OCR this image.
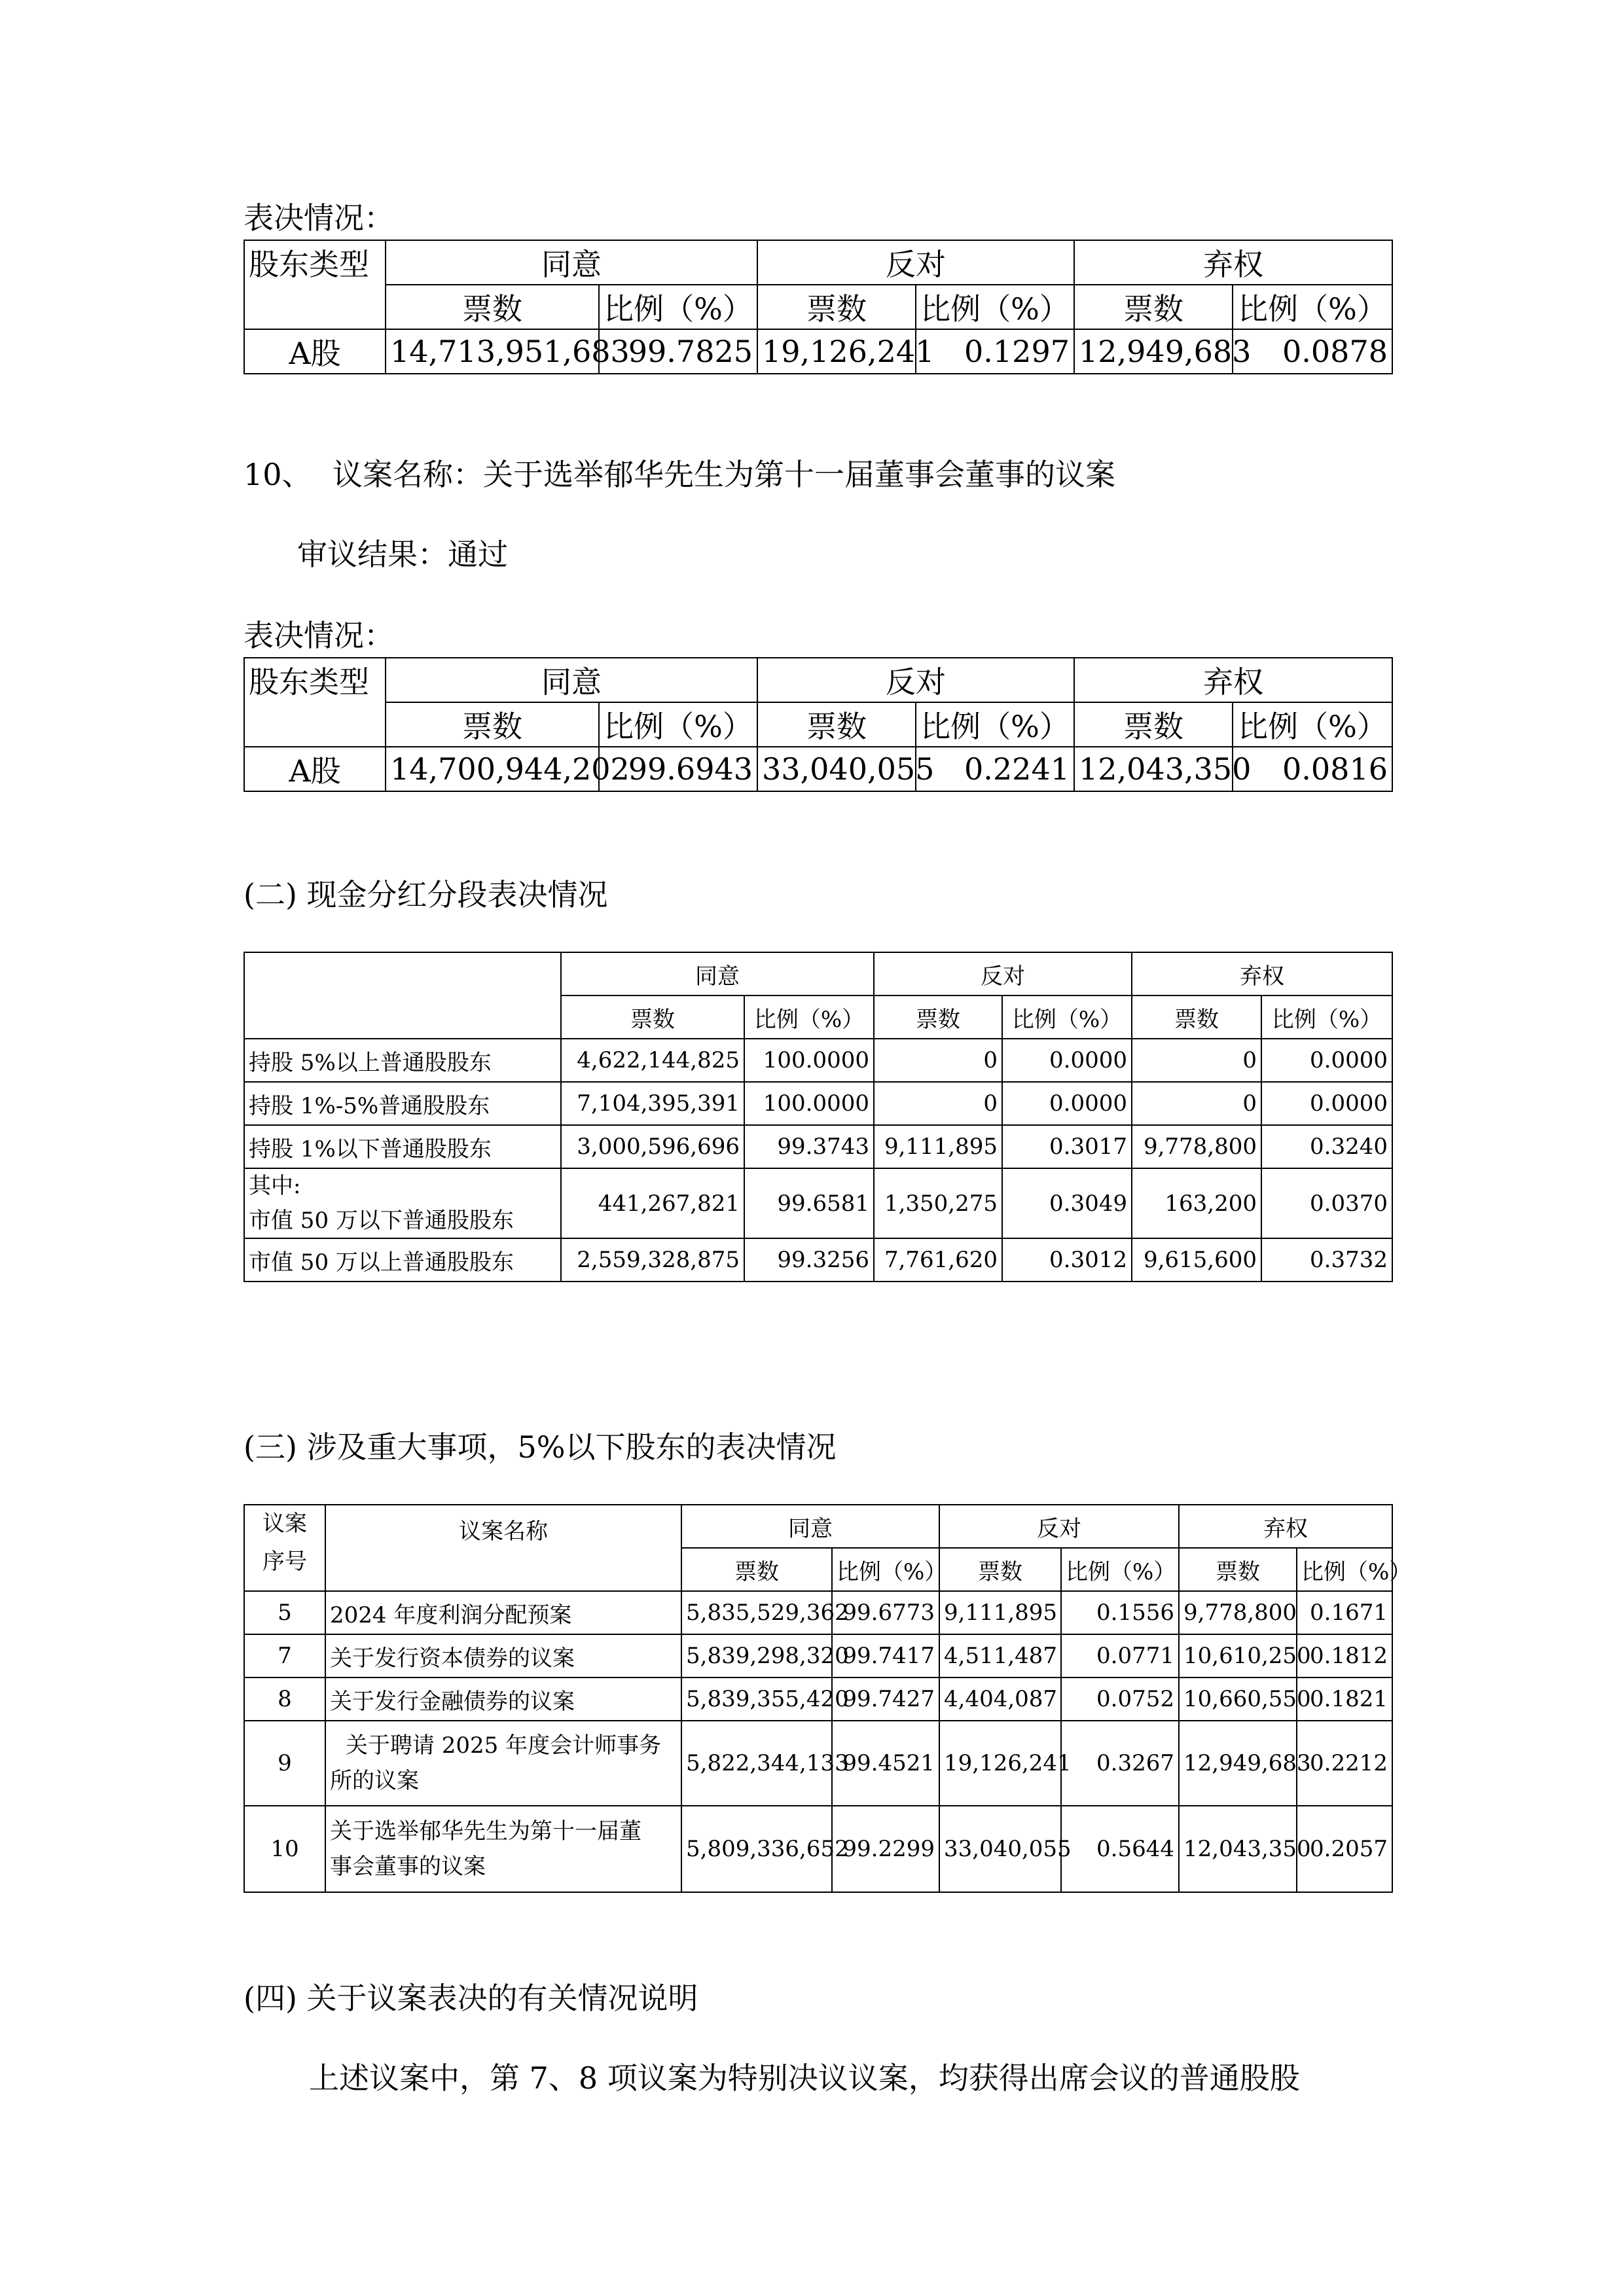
表决情况：
股东类型	同意		反对		弃权	
	票数	比例（%）	票数	比例（%）	票数	比例（%）
A股	14,713,951,683	99.7825	19,126,241	0.1297	12,949,683	0.0878
10、 议案名称：关于选举郁华先生为第十一届董事会董事的议案
审议结果：通过
表决情况：
股东类型	同意		反对		弃权	
	票数	比例（%）	票数	比例（%）	票数	比例（%）
A股	14,700,944,202	99.6943	33,040,055	0.2241	12,043,350	0.0816
(二) 现金分红分段表决情况
	同意		反对		弃权	
	票数	比例（%）	票数	比例（%）	票数	比例（%）
持股 5%以上普通股股东	4,622,144,825	100.0000	0	0.0000	0	0.0000
持股 1%-5%普通股股东	7,104,395,391	100.0000	0	0.0000	0	0.0000
持股 1%以下普通股股东	3,000,596,696	99.3743	9,111,895	0.3017	9,778,800	0.3240

其中:
市值 50 万以下普通股股东	441,267,821	99.6581	1,350,275	0.3049	163,200	0.0370
市值 50 万以上普通股股东	2,559,328,875	99.3256	7,761,620	0.3012	9,615,600	0.3732
(三) 涉及重大事项，5%以下股东的表决情况
议案
序号	议案名称	同意		反对		弃权	
		票数	比例（%）	票数	比例（%）	票数	比例（%）
5	2024 年度利润分配预案	5,835,529,362	99.6773	9,111,895	0.1556	9,778,800	0.1671
7	关于发行资本债券的议案	5,839,298,320	99.7417	4,511,487	0.0771	10,610,250	0.1812
8	关于发行金融债券的议案	5,839,355,420	99.7427	4,404,087	0.0752	10,660,550	0.1821
9	关于聘请 2025 年度会计师事务
所的议案	5,822,344,133	99.4521	19,126,241	0.3267	12,949,683	0.2212
10	关于选举郁华先生为第十一届董
事会董事的议案	5,809,336,652	99.2299	33,040,055	0.5644	12,043,350	0.2057
(四) 关于议案表决的有关情况说明
上述议案中，第 7、8 项议案为特别决议议案，均获得出席会议的普通股股
